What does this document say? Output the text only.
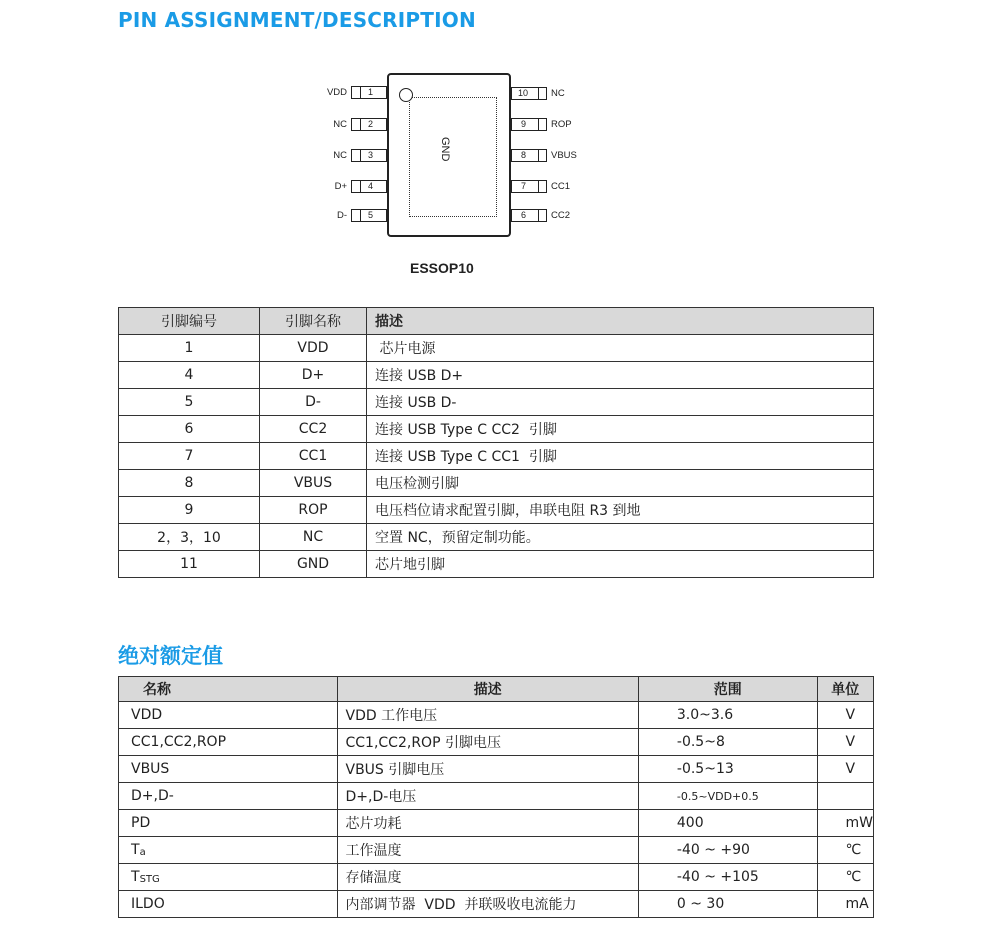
PIN ASSIGNMENT/DESCRIPTION
GND
VDD 1
NC 2
NC 3
D+ 4
D- 5
10 NC
9	ROP
8	VBUS
7	CC1
6	CC2
ESSOP10
引脚编号	引脚名称	描述
1	VDD	芯片电源
4	D+	连接 USB D+
5	D-	连接 USB D-
6	CC2	连接 USB Type C CC2  引脚
7	CC1	连接 USB Type C CC1  引脚
8	VBUS	电压检测引脚
9	ROP	电压档位请求配置引脚，串联电阻 R3 到地
2，3，10	NC	空置 NC，预留定制功能。
11	GND	芯片地引脚
绝对额定值
名称	描述	范围	单位
VDD	VDD 工作电压	3.0~3.6	V
CC1,CC2,ROP	CC1,CC2,ROP 引脚电压	-0.5~8	V
VBUS	VBUS 引脚电压	-0.5~13	V
D+,D-	D+,D-电压	-0.5~VDD+0.5	
PD	芯片功耗	400	mW
$T_a$	工作温度	-40 ~ +90	℃
$T_{STG}$	存储温度	-40 ~ +105	℃
ILDO	内部调节器  VDD  并联吸收电流能力	0 ~ 30	mA
